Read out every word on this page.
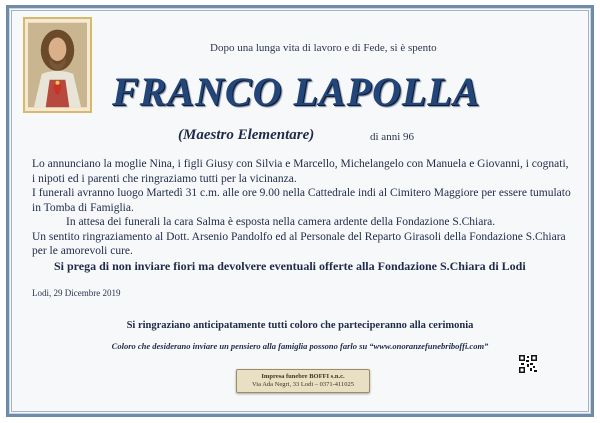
Dopo una lunga vita di lavoro e di Fede, si è spento
FRANCO LAPOLLA
(Maestro Elementare)	di anni 96

Lo annunciano la moglie Nina, i figli Giusy con Silvia e Marcello, Michelangelo con Manuela e Giovanni, i cognati, i nipoti ed i parenti che ringraziamo tutti per la vicinanza.

I funerali avranno luogo Martedì 31 c.m. alle ore 9.00 nella Cattedrale indi al Cimitero Maggiore per essere tumulato in Tomba di Famiglia.

In attesa dei funerali la cara Salma è esposta nella camera ardente della Fondazione S.Chiara.

Un sentito ringraziamento al Dott. Arsenio Pandolfo ed al Personale del Reparto Girasoli della Fondazione S.Chiara per le amorevoli cure.

Si prega di non inviare fiori ma devolvere eventuali offerte alla Fondazione S.Chiara di Lodi

Lodi, 29 Dicembre 2019
Si ringraziano anticipatamente tutti coloro che parteciperanno alla cerimonia
Coloro che desiderano inviare un pensiero alla famiglia possono farlo su “www.onoranzefunebriboffi.com”
Impresa funebre BOFFI s.n.c.
Via Ada Negri, 33 Lodi – 0371-411025
